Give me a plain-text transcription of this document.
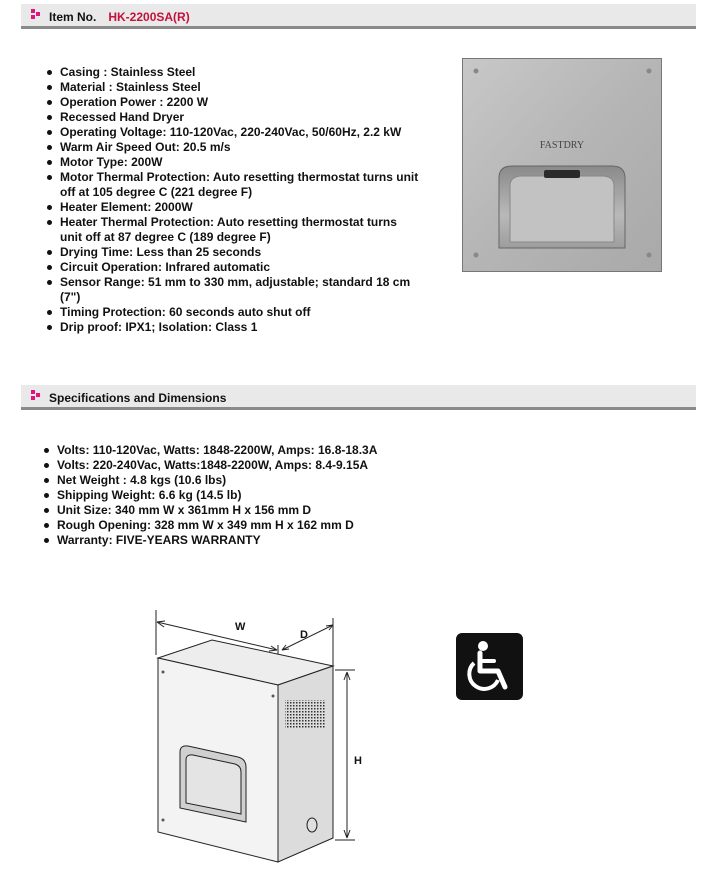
Item No. HK-2200SA(R)
Casing : Stainless Steel
Material : Stainless Steel
Operation Power : 2200 W
Recessed Hand Dryer
Operating Voltage: 110-120Vac, 220-240Vac, 50/60Hz, 2.2 kW
Warm Air Speed Out: 20.5 m/s
Motor Type: 200W
Motor Thermal Protection: Auto resetting thermostat turns unit off at 105 degree C (221 degree F)
Heater Element: 2000W
Heater Thermal Protection: Auto resetting thermostat turns unit off at 87 degree C (189 degree F)
Drying Time: Less than 25 seconds
Circuit Operation: Infrared automatic
Sensor Range: 51 mm to 330 mm, adjustable; standard 18 cm (7")
Timing Protection: 60 seconds auto shut off
Drip proof: IPX1; Isolation: Class 1
FASTDRY
Specifications and Dimensions
Volts: 110-120Vac, Watts: 1848-2200W, Amps: 16.8-18.3A
Volts: 220-240Vac, Watts:1848-2200W, Amps: 8.4-9.15A
Net Weight : 4.8 kgs (10.6 lbs)
Shipping Weight: 6.6 kg (14.5 lb)
Unit Size: 340 mm W x 361mm H x 156 mm D
Rough Opening: 328 mm W x 349 mm H x 162 mm D
Warranty: FIVE-YEARS WARRANTY
W
D
H
